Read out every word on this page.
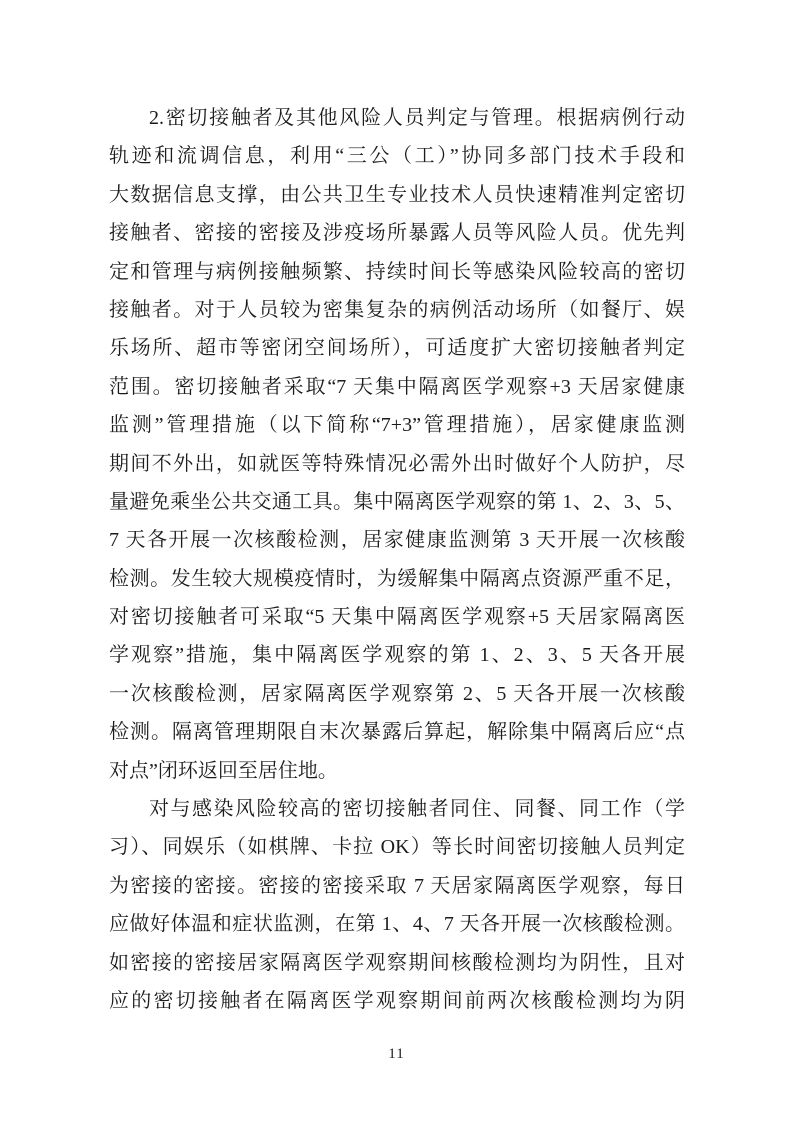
2.密切接触者及其他风险人员判定与管理。根据病例行动
轨迹和流调信息，利用“三公（工）”协同多部门技术手段和
大数据信息支撑，由公共卫生专业技术人员快速精准判定密切
接触者、密接的密接及涉疫场所暴露人员等风险人员。优先判
定和管理与病例接触频繁、持续时间长等感染风险较高的密切
接触者。对于人员较为密集复杂的病例活动场所（如餐厅、娱
乐场所、超市等密闭空间场所），可适度扩大密切接触者判定
范围。密切接触者采取“7 天集中隔离医学观察+3 天居家健康
监测”管理措施（以下简称“7+3”管理措施），居家健康监测
期间不外出，如就医等特殊情况必需外出时做好个人防护，尽
量避免乘坐公共交通工具。集中隔离医学观察的第 1、2、3、5、
7 天各开展一次核酸检测，居家健康监测第 3 天开展一次核酸
检测。发生较大规模疫情时，为缓解集中隔离点资源严重不足，
对密切接触者可采取“5 天集中隔离医学观察+5 天居家隔离医
学观察”措施，集中隔离医学观察的第 1、2、3、5 天各开展
一次核酸检测，居家隔离医学观察第 2、5 天各开展一次核酸
检测。隔离管理期限自末次暴露后算起，解除集中隔离后应“点
对点”闭环返回至居住地。
对与感染风险较高的密切接触者同住、同餐、同工作（学
习）、同娱乐（如棋牌、卡拉 OK）等长时间密切接触人员判定
为密接的密接。密接的密接采取 7 天居家隔离医学观察，每日
应做好体温和症状监测，在第 1、4、7 天各开展一次核酸检测。
如密接的密接居家隔离医学观察期间核酸检测均为阴性，且对
应的密切接触者在隔离医学观察期间前两次核酸检测均为阴
11
